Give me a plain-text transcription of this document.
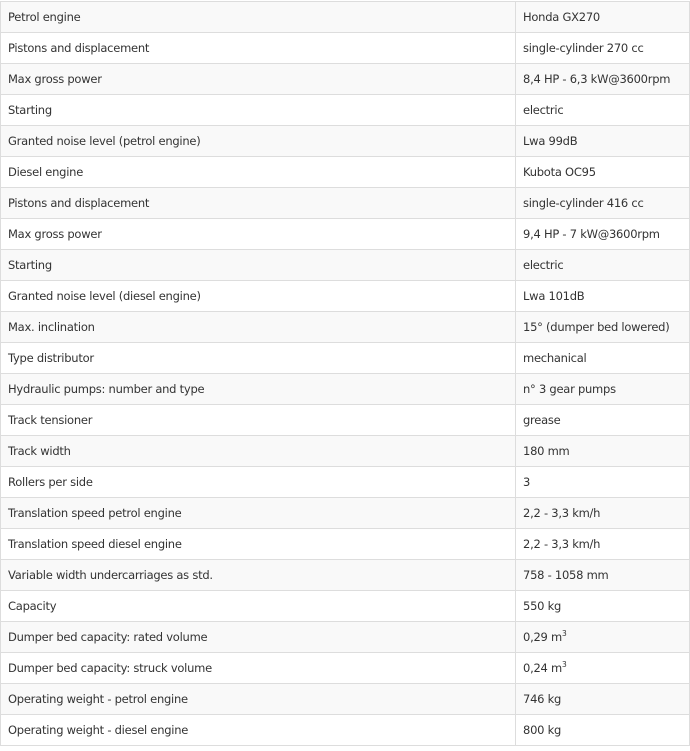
Petrol engine	Honda GX270
Pistons and displacement	single-cylinder 270 cc
Max gross power	8,4 HP - 6,3 kW@3600rpm
Starting	electric
Granted noise level (petrol engine)	Lwa 99dB
Diesel engine	Kubota OC95
Pistons and displacement	single-cylinder 416 cc
Max gross power	9,4 HP - 7 kW@3600rpm
Starting	electric
Granted noise level (diesel engine)	Lwa 101dB
Max. inclination	15° (dumper bed lowered)
Type distributor	mechanical
Hydraulic pumps: number and type	n° 3 gear pumps
Track tensioner	grease
Track width	180 mm
Rollers per side	3
Translation speed petrol engine	2,2 - 3,3 km/h
Translation speed diesel engine	2,2 - 3,3 km/h
Variable width undercarriages as std.	758 - 1058 mm
Capacity	550 kg
Dumper bed capacity: rated volume	0,29 $m^3$
Dumper bed capacity: struck volume	0,24 $m^3$
Operating weight - petrol engine	746 kg
Operating weight - diesel engine	800 kg
